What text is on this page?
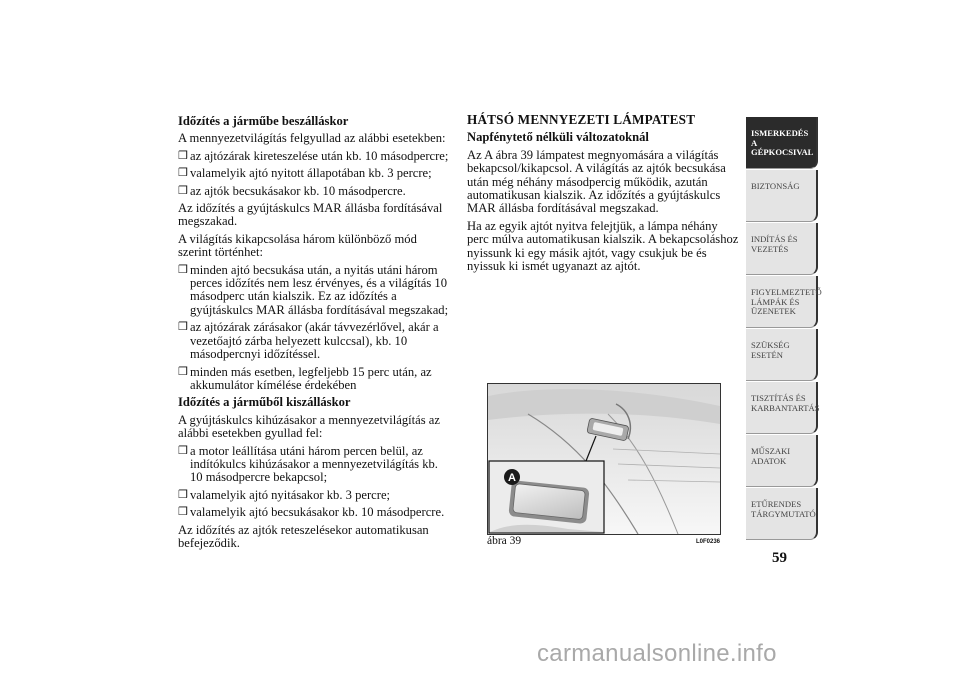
Időzítés a járműbe beszálláskor

A mennyezetvilágítás felgyullad az alábbi esetekben:

❒ az ajtózárak kireteszelése után kb. 10 másodpercre;
❒ valamelyik ajtó nyitott állapotában kb. 3 percre;
❒ az ajtók becsukásakor kb. 10 másodpercre.

Az időzítés a gyújtáskulcs MAR állásba fordításával megszakad.

A világítás kikapcsolása három különböző mód szerint történhet:

❒ minden ajtó becsukása után, a nyitás utáni három perces időzítés nem lesz érvényes, és a világítás 10 másodperc után kialszik. Ez az időzítés a gyújtáskulcs MAR állásba fordításával megszakad;
❒ az ajtózárak zárásakor (akár távvezérlővel, akár a vezetőajtó zárba helyezett kulccsal), kb. 10 másodpercnyi időzítéssel.
❒ minden más esetben, legfeljebb 15 perc után, az akkumulátor kímélése érdekében
Időzítés a járműből kiszálláskor

A gyújtáskulcs kihúzásakor a mennyezetvilágítás az alábbi esetekben gyullad fel:

❒ a motor leállítása utáni három percen belül, az indítókulcs kihúzásakor a mennyezetvilágítás kb. 10 másodpercre bekapcsol;
❒ valamelyik ajtó nyitásakor kb. 3 percre;
❒ valamelyik ajtó becsukásakor kb. 10 másodpercre.

Az időzítés az ajtók reteszelésekor automatikusan befejeződik.

HÁTSÓ MENNYEZETI LÁMPATEST
Napfénytető nélküli változatoknál

Az A ábra 39 lámpatest megnyomására a világítás bekapcsol/kikapcsol. A világítás az ajtók becsukása után még néhány másodpercig működik, azután automatikusan kialszik. Az időzítés a gyújtáskulcs MAR állásba fordításával megszakad.

Ha az egyik ajtót nyitva felejtjük, a lámpa néhány perc múlva automatikusan kialszik. A bekapcsoláshoz nyissunk ki egy másik ajtót, vagy csukjuk be és nyissuk ki ismét ugyanazt az ajtót.

A
ábra 39	L0F0236
ISMERKEDÉS A GÉPKOCSIVAL
BIZTONSÁG
INDÍTÁS ÉS VEZETÉS
FIGYELMEZTETŐ LÁMPÁK ÉS ÜZENETEK
SZÜKSÉG ESETÉN
TISZTÍTÁS ÉS KARBANTARTÁS
MŰSZAKI ADATOK
ETŰRENDES TÁRGYMUTATÓ
59
carmanualsonline.info
